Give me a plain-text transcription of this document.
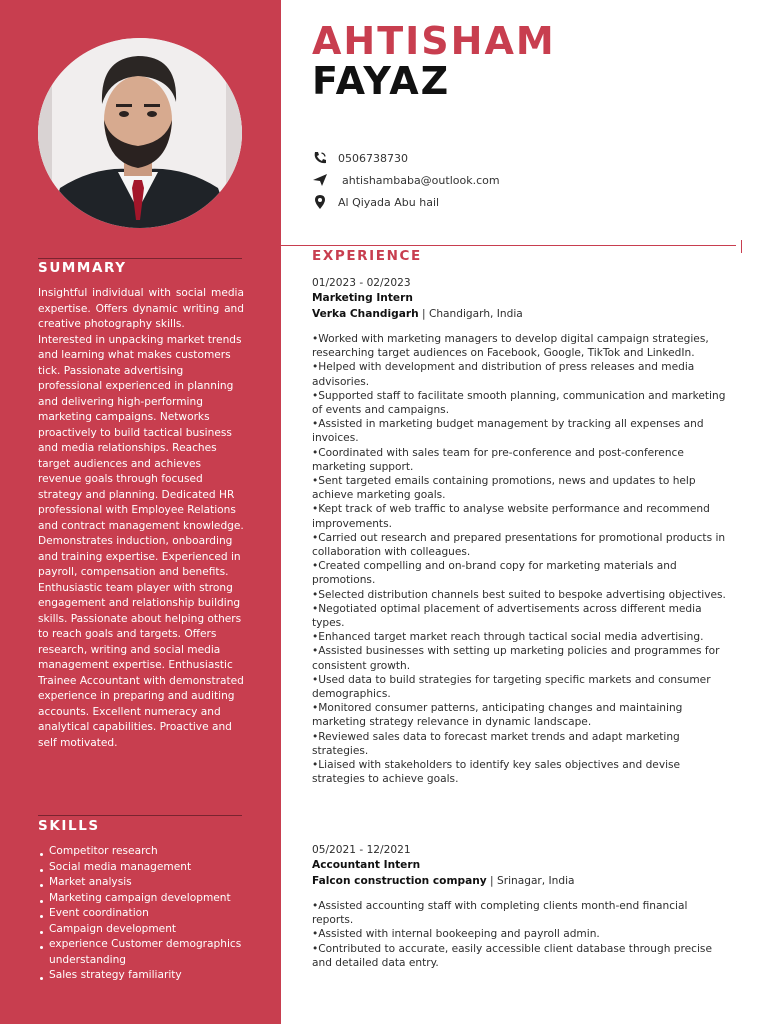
SUMMARY

Insightful individual with social media expertise. Offers dynamic writing and creative photography skills.

Interested in unpacking market trends and learning what makes customers tick. Passionate advertising professional experienced in planning and delivering high-performing marketing campaigns. Networks proactively to build tactical business and media relationships. Reaches target audiences and achieves revenue goals through focused strategy and planning. Dedicated HR professional with Employee Relations and contract management knowledge. Demonstrates induction, onboarding and training expertise. Experienced in payroll, compensation and benefits. Enthusiastic team player with strong engagement and relationship building skills. Passionate about helping others to reach goals and targets. Offers research, writing and social media management expertise. Enthusiastic Trainee Accountant with demonstrated experience in preparing and auditing accounts. Excellent numeracy and analytical capabilities. Proactive and self motivated.

SKILLS
Competitor research
Social media management
Market analysis
Marketing campaign development
Event coordination
Campaign development
experience Customer demographics understanding
Sales strategy familiarity
AHTISHAM
FAYAZ
0506738730
ahtishambaba@outlook.com
Al Qiyada Abu hail
EXPERIENCE
01/2023 - 02/2023
Marketing Intern
Verka Chandigarh | Chandigarh, India
•Worked with marketing managers to develop digital campaign strategies, researching target audiences on Facebook, Google, TikTok and LinkedIn.
•Helped with development and distribution of press releases and media advisories.
•Supported staff to facilitate smooth planning, communication and marketing of events and campaigns.
•Assisted in marketing budget management by tracking all expenses and invoices.
•Coordinated with sales team for pre-conference and post-conference marketing support.
•Sent targeted emails containing promotions, news and updates to help achieve marketing goals.
•Kept track of web traffic to analyse website performance and recommend improvements.
•Carried out research and prepared presentations for promotional products in collaboration with colleagues.
•Created compelling and on-brand copy for marketing materials and promotions.
•Selected distribution channels best suited to bespoke advertising objectives.
•Negotiated optimal placement of advertisements across different media types.
•Enhanced target market reach through tactical social media advertising.
•Assisted businesses with setting up marketing policies and programmes for consistent growth.
•Used data to build strategies for targeting specific markets and consumer demographics.
•Monitored consumer patterns, anticipating changes and maintaining marketing strategy relevance in dynamic landscape.
•Reviewed sales data to forecast market trends and adapt marketing strategies.
•Liaised with stakeholders to identify key sales objectives and devise strategies to achieve goals.
05/2021 - 12/2021
Accountant Intern
Falcon construction company | Srinagar, India
•Assisted accounting staff with completing clients month-end financial reports.
•Assisted with internal bookeeping and payroll admin.
•Contributed to accurate, easily accessible client database through precise and detailed data entry.
